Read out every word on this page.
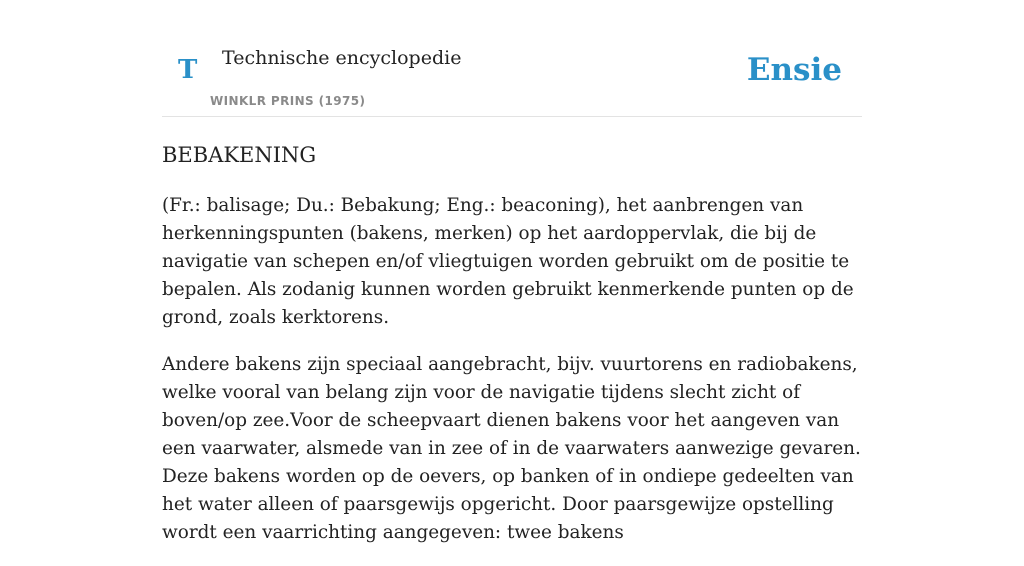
T Technische encyclopedie
WINKLR PRINS (1975)
Ensie
BEBAKENING

(Fr.: balisage; Du.: Bebakung; Eng.: beaconing), het aanbrengen van herkenningspunten (bakens, merken) op het aardoppervlak, die bij de navigatie van schepen en/of vliegtuigen worden gebruikt om de positie te bepalen. Als zodanig kunnen worden gebruikt kenmerkende punten op de grond, zoals kerktorens.

Andere bakens zijn speciaal aangebracht, bijv. vuurtorens en radiobakens, welke vooral van belang zijn voor de navigatie tijdens slecht zicht of boven/op zee.Voor de scheepvaart dienen bakens voor het aangeven van een vaarwater, alsmede van in zee of in de vaarwaters aanwezige gevaren. Deze bakens worden op de oevers, op banken of in ondiepe gedeelten van het water alleen of paarsgewijs opgericht. Door paarsgewijze opstelling wordt een vaarrichting aangegeven: twee bakens
